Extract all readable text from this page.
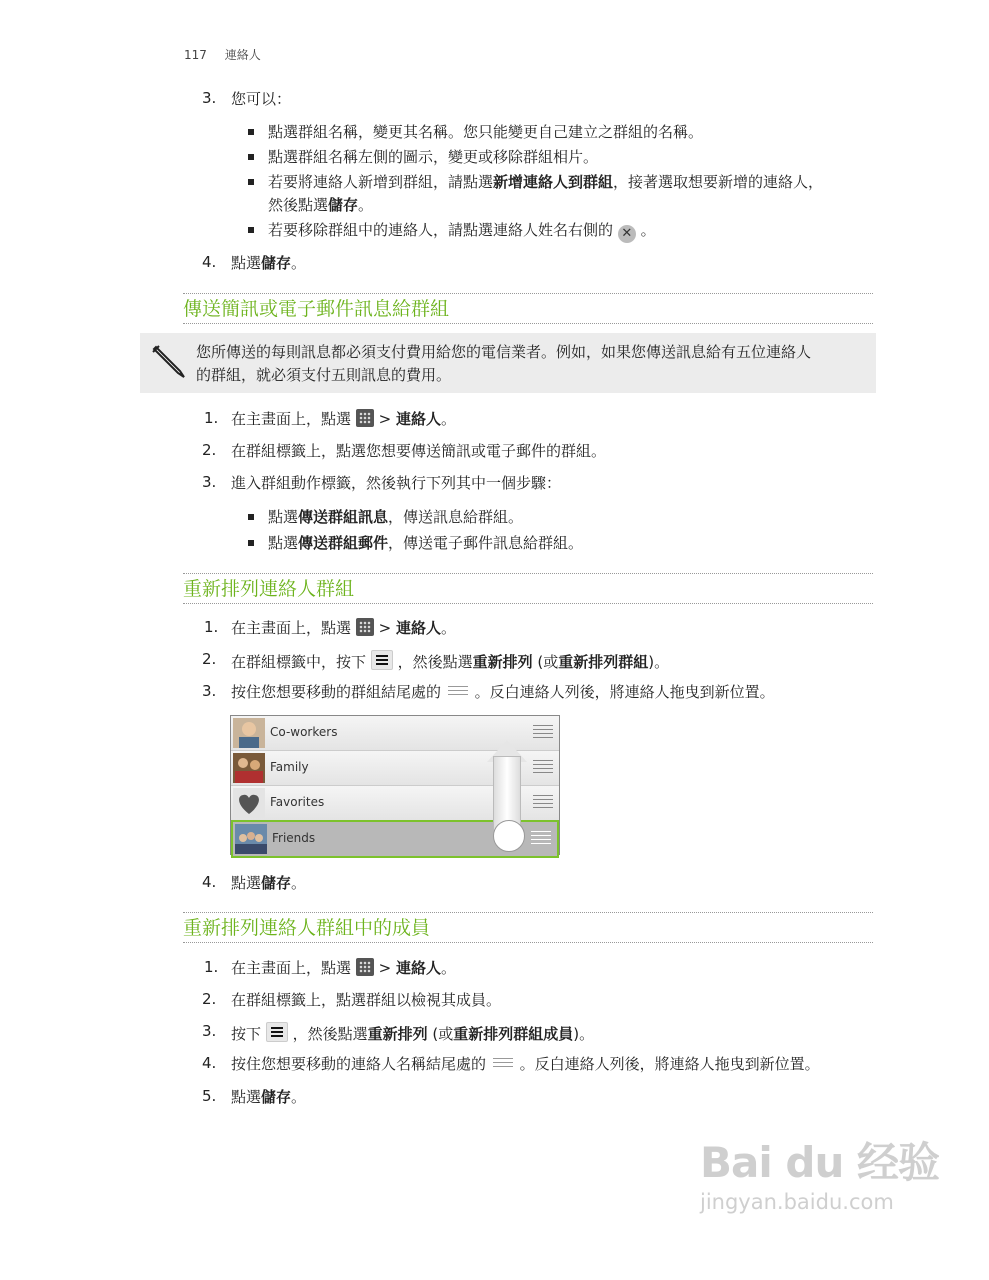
117 連絡人
3. 您可以：
點選群組名稱，變更其名稱。您只能變更自己建立之群組的名稱。
點選群組名稱左側的圖示，變更或移除群組相片。
若要將連絡人新增到群組，請點選新增連絡人到群組，接著選取想要新增的連絡人，
然後點選儲存。
若要移除群組中的連絡人，請點選連絡人姓名右側的 ✕ 。
4. 點選儲存。
傳送簡訊或電子郵件訊息給群組
您所傳送的每則訊息都必須支付費用給您的電信業者。例如，如果您傳送訊息給有五位連絡人
的群組，就必須支付五則訊息的費用。
1. 在主畫面上，點選 > 連絡人。
2. 在群組標籤上，點選您想要傳送簡訊或電子郵件的群組。
3. 進入群組動作標籤，然後執行下列其中一個步驟：
點選傳送群組訊息，傳送訊息給群組。
點選傳送群組郵件，傳送電子郵件訊息給群組。
重新排列連絡人群組
1. 在主畫面上，點選 > 連絡人。
2. 在群組標籤中，按下 ，然後點選重新排列 (或重新排列群組)。
3. 按住您想要移動的群組結尾處的 。反白連絡人列後，將連絡人拖曳到新位置。
Co-workers
Family
Favorites
Friends
4. 點選儲存。
重新排列連絡人群組中的成員
1. 在主畫面上，點選 > 連絡人。
2. 在群組標籤上，點選群組以檢視其成員。
3. 按下 ，然後點選重新排列 (或重新排列群組成員)。
4. 按住您想要移動的連絡人名稱結尾處的 。反白連絡人列後，將連絡人拖曳到新位置。
5. 點選儲存。
Bai du 经验
jingyan.baidu.com
